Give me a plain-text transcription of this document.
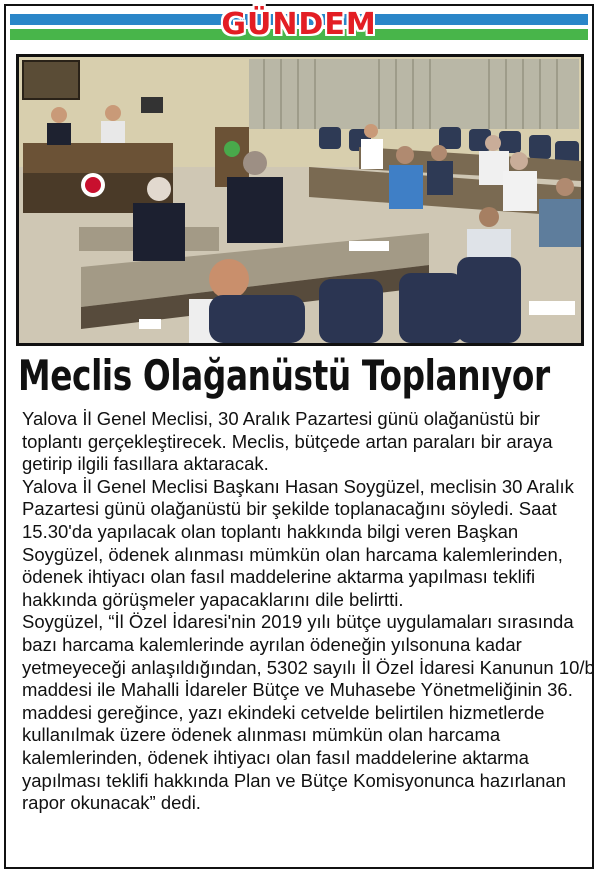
GÜNDEM
Meclis Olağanüstü Toplanıyor

Yalova İl Genel Meclisi, 30 Aralık Pazartesi günü olağanüstü bir toplantı gerçekleştirecek. Meclis, bütçede artan paraları bir araya getirip ilgili fasıllara aktaracak.

Yalova İl Genel Meclisi Başkanı Hasan Soygüzel, meclisin 30 Aralık Pazartesi günü olağanüstü bir şekilde toplanacağını söyledi. Saat 15.30'da yapılacak olan toplantı hakkında bilgi veren Başkan Soygüzel, ödenek alınması mümkün olan harcama kalemlerinden, ödenek ihtiyacı olan fasıl maddelerine aktarma yapılması teklifi hakkında görüşmeler yapacaklarını dile belirtti.

Soygüzel, “İl Özel İdaresi'nin 2019 yılı bütçe uygulamaları sırasında bazı harcama kalemlerinde ayrılan ödeneğin yılsonuna kadar yetmeyeceği anlaşıldığından, 5302 sayılı İl Özel İdaresi Kanunun 10/b maddesi ile Mahalli İdareler Bütçe ve Muhasebe Yönetmeliğinin 36. maddesi gereğince, yazı ekindeki cetvelde belirtilen hizmetlerde kullanılmak üzere ödenek alınması mümkün olan harcama kalemlerinden, ödenek ihtiyacı olan fasıl maddelerine aktarma yapılması teklifi hakkında Plan ve Bütçe Komisyonunca hazırlanan rapor okunacak” dedi.
